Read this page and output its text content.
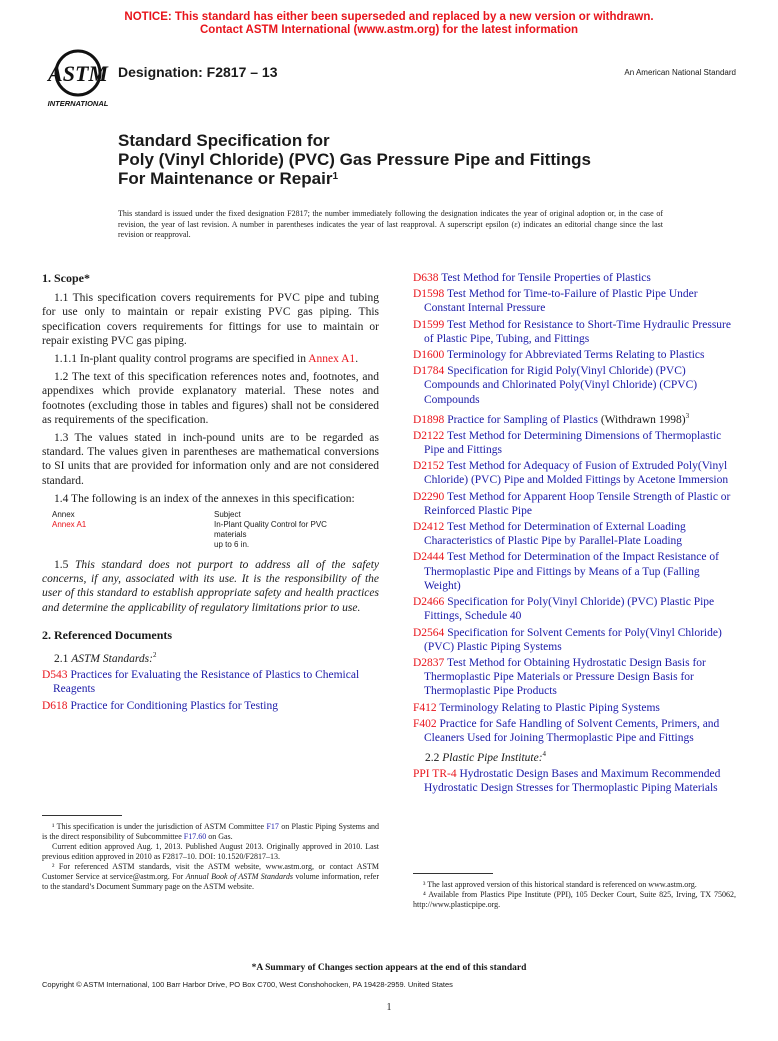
NOTICE: This standard has either been superseded and replaced by a new version or withdrawn.
Contact ASTM International (www.astm.org) for the latest information
ASTM
INTERNATIONAL
Designation: F2817 – 13	An American National Standard
Standard Specification for
Poly (Vinyl Chloride) (PVC) Gas Pressure Pipe and Fittings
For Maintenance or Repair$^1$
This standard is issued under the fixed designation F2817; the number immediately following the designation indicates the year of original adoption or, in the case of revision, the year of last revision. A number in parentheses indicates the year of last reapproval. A superscript epsilon (ε) indicates an editorial change since the last revision or reapproval.
1. Scope*

1.1 This specification covers requirements for PVC pipe and tubing for use only to maintain or repair existing PVC gas piping. This specification covers requirements for fittings for use to maintain or repair existing PVC gas piping.

1.1.1 In-plant quality control programs are specified in Annex A1.

1.2 The text of this specification references notes and, footnotes, and appendixes which provide explanatory material. These notes and footnotes (excluding those in tables and figures) shall not be considered as requirements of the specification.

1.3 The values stated in inch-pound units are to be regarded as standard. The values given in parentheses are mathematical conversions to SI units that are provided for information only and are not considered standard.

1.4 The following is an index of the annexes in this specification:

Annex	Subject
Annex A1	In-Plant Quality Control for PVC
materials
up to 6 in.

1.5 This standard does not purport to address all of the safety concerns, if any, associated with its use. It is the responsibility of the user of this standard to establish appropriate safety and health practices and determine the applicability of regulatory limitations prior to use.

2. Referenced Documents

2.1 ASTM Standards:$^2$

D543 Practices for Evaluating the Resistance of Plastics to Chemical Reagents

D618 Practice for Conditioning Plastics for Testing

D638 Test Method for Tensile Properties of Plastics

D1598 Test Method for Time-to-Failure of Plastic Pipe Under Constant Internal Pressure

D1599 Test Method for Resistance to Short-Time Hydraulic Pressure of Plastic Pipe, Tubing, and Fittings

D1600 Terminology for Abbreviated Terms Relating to Plastics

D1784 Specification for Rigid Poly(Vinyl Chloride) (PVC) Compounds and Chlorinated Poly(Vinyl Chloride) (CPVC) Compounds

D1898 Practice for Sampling of Plastics (Withdrawn 1998)$^3$

D2122 Test Method for Determining Dimensions of Thermoplastic Pipe and Fittings

D2152 Test Method for Adequacy of Fusion of Extruded Poly(Vinyl Chloride) (PVC) Pipe and Molded Fittings by Acetone Immersion

D2290 Test Method for Apparent Hoop Tensile Strength of Plastic or Reinforced Plastic Pipe

D2412 Test Method for Determination of External Loading Characteristics of Plastic Pipe by Parallel-Plate Loading

D2444 Test Method for Determination of the Impact Resistance of Thermoplastic Pipe and Fittings by Means of a Tup (Falling Weight)

D2466 Specification for Poly(Vinyl Chloride) (PVC) Plastic Pipe Fittings, Schedule 40

D2564 Specification for Solvent Cements for Poly(Vinyl Chloride) (PVC) Plastic Piping Systems

D2837 Test Method for Obtaining Hydrostatic Design Basis for Thermoplastic Pipe Materials or Pressure Design Basis for Thermoplastic Pipe Products

F412 Terminology Relating to Plastic Piping Systems

F402 Practice for Safe Handling of Solvent Cements, Primers, and Cleaners Used for Joining Thermoplastic Pipe and Fittings

2.2 Plastic Pipe Institute:$^4$

PPI TR-4 Hydrostatic Design Bases and Maximum Recommended Hydrostatic Design Stresses for Thermoplastic Piping Materials

¹ This specification is under the jurisdiction of ASTM Committee F17 on Plastic Piping Systems and is the direct responsibility of Subcommittee F17.60 on Gas.

Current edition approved Aug. 1, 2013. Published August 2013. Originally approved in 2010. Last previous edition approved in 2010 as F2817–10. DOI: 10.1520/F2817–13.

² For referenced ASTM standards, visit the ASTM website, www.astm.org, or contact ASTM Customer Service at service@astm.org. For Annual Book of ASTM Standards volume information, refer to the standard’s Document Summary page on the ASTM website.	³ The last approved version of this historical standard is referenced on www.astm.org.

⁴ Available from Plastics Pipe Institute (PPI), 105 Decker Court, Suite 825, Irving, TX 75062, http://www.plasticpipe.org.

*A Summary of Changes section appears at the end of this standard
Copyright © ASTM International, 100 Barr Harbor Drive, PO Box C700, West Conshohocken, PA 19428-2959. United States
1
